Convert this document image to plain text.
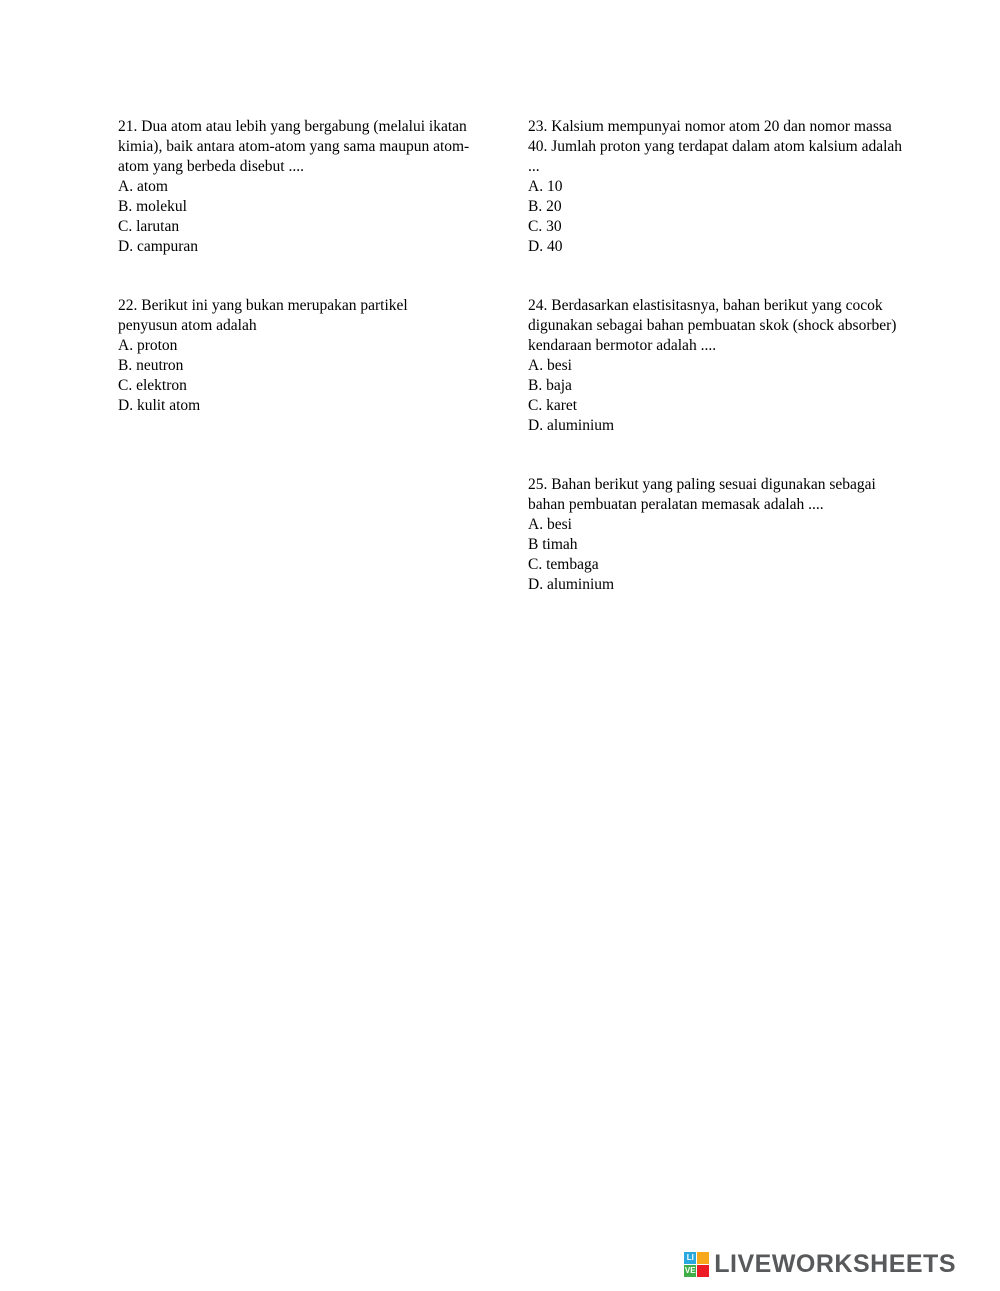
21. Dua atom atau lebih yang bergabung (melalui ikatan kimia), baik antara atom-atom yang sama maupun atom-atom yang berbeda disebut ....

A. atom
B. molekul
C. larutan
D. campuran

22. Berikut ini yang bukan merupakan partikel penyusun atom adalah

A. proton
B. neutron
C. elektron
D. kulit atom

23. Kalsium mempunyai nomor atom 20 dan nomor massa 40. Jumlah proton yang terdapat dalam atom kalsium adalah ...

A. 10
B. 20
C. 30
D. 40

24. Berdasarkan elastisitasnya, bahan berikut yang cocok digunakan sebagai bahan pembuatan skok (shock absorber) kendaraan bermotor adalah ....

A. besi
B. baja
C. karet
D. aluminium

25. Bahan berikut yang paling sesuai digunakan sebagai bahan pembuatan peralatan memasak adalah ....

A. besi
B timah
C. tembaga
D. aluminium
LI
VE LIVEWORKSHEETS
